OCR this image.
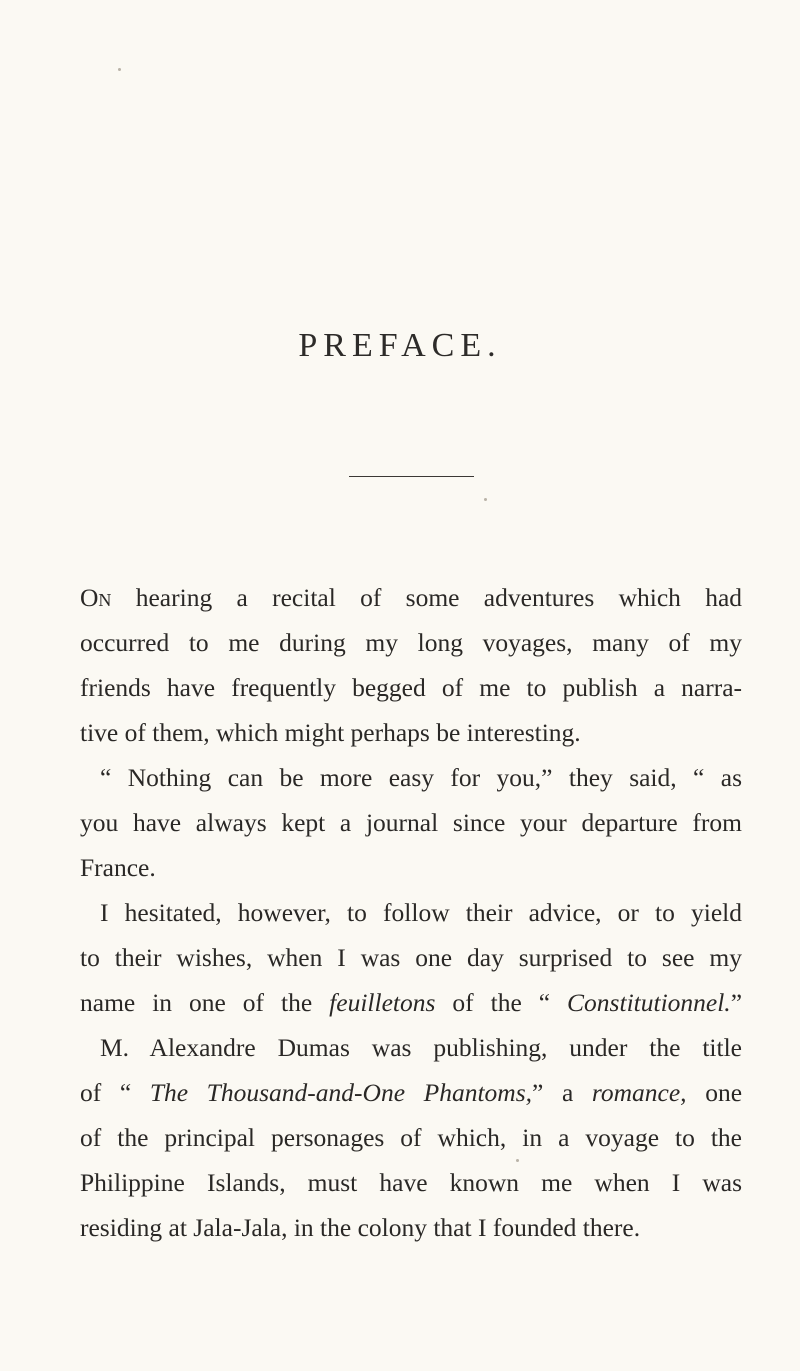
PREFACE.

On hearing a recital of some adventures which had
occurred to me during my long voyages, many of my
friends have frequently begged of me to publish a narra-
tive of them, which might perhaps be interesting.

“ Nothing can be more easy for you,” they said, “ as
you have always kept a journal since your departure from
France.

I hesitated, however, to follow their advice, or to yield
to their wishes, when I was one day surprised to see my
name in one of the feuilletons of the “ Constitutionnel.”

M. Alexandre Dumas was publishing, under the title
of “ The Thousand-and-One Phantoms,” a romance, one
of the principal personages of which, in a voyage to the
Philippine Islands, must have known me when I was
residing at Jala-Jala, in the colony that I founded there.
